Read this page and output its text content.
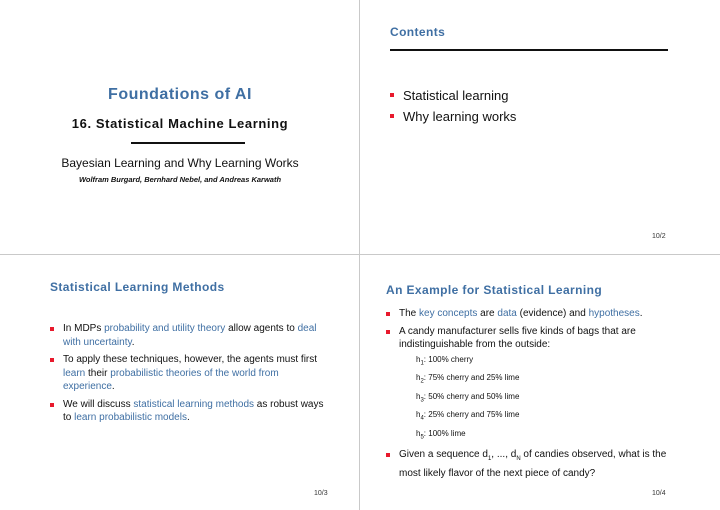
Foundations of AI
16. Statistical Machine Learning
Bayesian Learning and Why Learning Works
Wolfram Burgard, Bernhard Nebel, and Andreas Karwath
Contents
Statistical learning
Why learning works
10/2
Statistical Learning Methods
In MDPs probability and utility theory allow agents to deal with uncertainty.
To apply these techniques, however, the agents must first learn their probabilistic theories of the world from experience.
We will discuss statistical learning methods as robust ways to learn probabilistic models.
10/3
An Example for Statistical Learning
The key concepts are data (evidence) and hypotheses.
A candy manufacturer sells five kinds of bags that are indistinguishable from the outside:
$h_1$: 100% cherry
$h_2$: 75% cherry and 25% lime
$h_3$: 50% cherry and 50% lime
$h_4$: 25% cherry and 75% lime
$h_5$: 100% lime
Given a sequence $d_1$, ..., $d_N$ of candies observed, what is the most likely flavor of the next piece of candy?
10/4
